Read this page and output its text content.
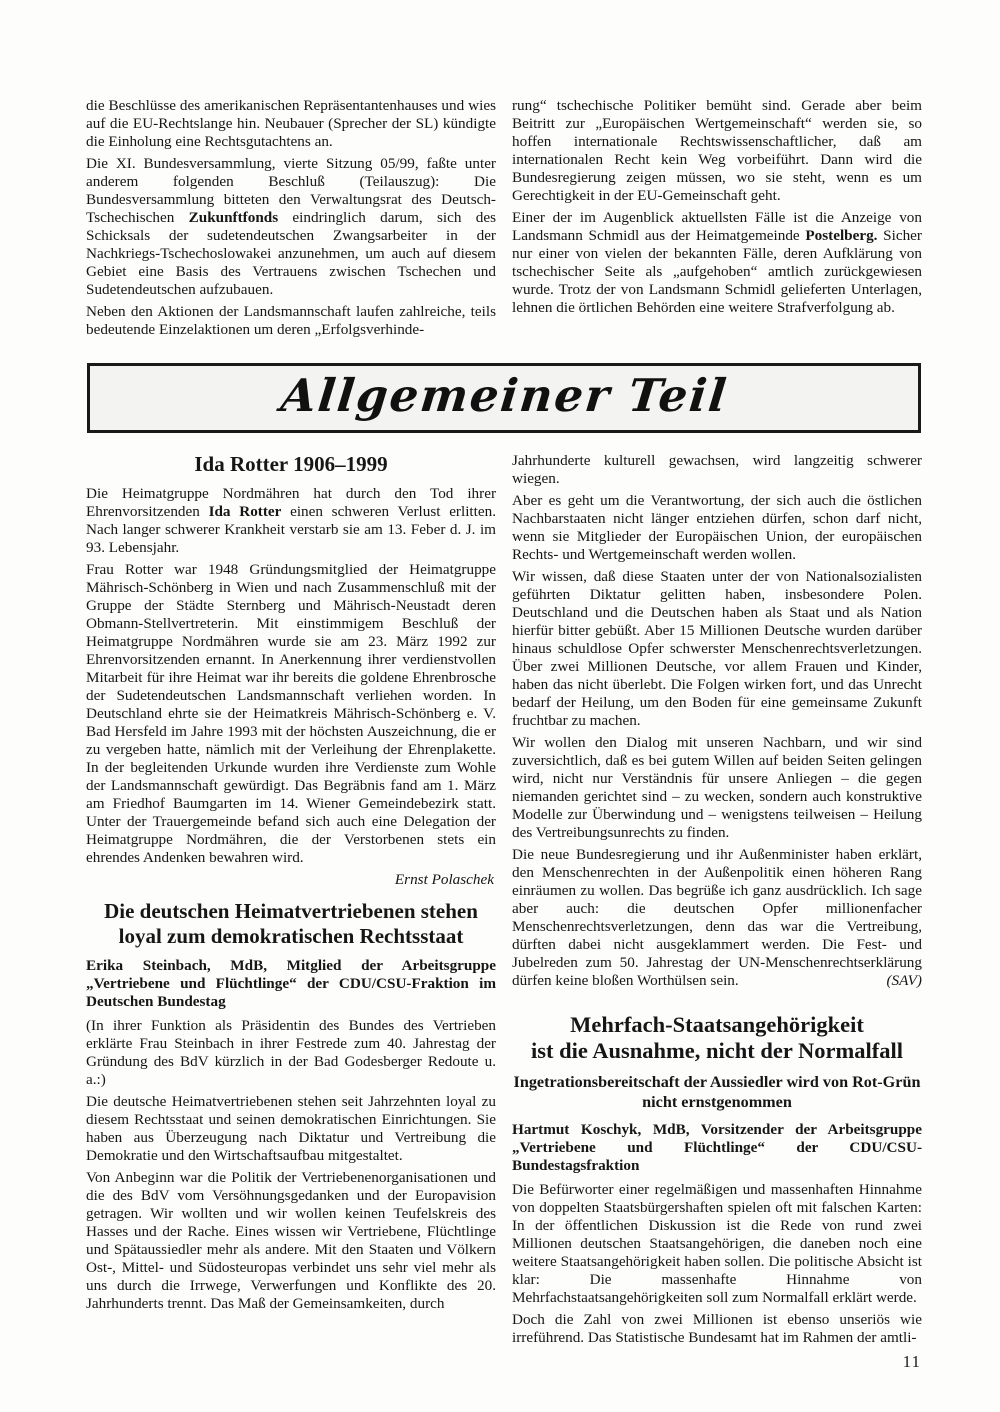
die Beschlüsse des amerikanischen Repräsentantenhauses und wies auf die EU-Rechtslange hin. Neubauer (Sprecher der SL) kündigte die Einholung eine Rechtsgutachtens an.

Die XI. Bundesversammlung, vierte Sitzung 05/99, faßte unter anderem folgenden Beschluß (Teilauszug): Die Bundesversammlung bitteten den Verwaltungsrat des Deutsch-Tschechischen Zukunftfonds eindringlich darum, sich des Schicksals der sudetendeutschen Zwangsarbeiter in der Nachkriegs-Tschechoslowakei anzunehmen, um auch auf diesem Gebiet eine Basis des Vertrauens zwischen Tschechen und Sudetendeutschen aufzubauen.

Neben den Aktionen der Landsmannschaft laufen zahlreiche, teils bedeutende Einzelaktionen um deren „Erfolgsverhinde-

rung“ tschechische Politiker bemüht sind. Gerade aber beim Beitritt zur „Europäischen Wertgemeinschaft“ werden sie, so hoffen internationale Rechtswissenschaftlicher, daß am internationalen Recht kein Weg vorbeiführt. Dann wird die Bundesregierung zeigen müssen, wo sie steht, wenn es um Gerechtigkeit in der EU-Gemeinschaft geht.

Einer der im Augenblick aktuellsten Fälle ist die Anzeige von Landsmann Schmidl aus der Heimatgemeinde Postelberg. Sicher nur einer von vielen der bekannten Fälle, deren Aufklärung von tschechischer Seite als „aufgehoben“ amtlich zurückgewiesen wurde. Trotz der von Landsmann Schmidl gelieferten Unterlagen, lehnen die örtlichen Behörden eine weitere Strafverfolgung ab.

Allgemeiner Teil
Ida Rotter 1906–1999

Die Heimatgruppe Nordmähren hat durch den Tod ihrer Ehrenvorsitzenden Ida Rotter einen schweren Verlust erlitten. Nach langer schwerer Krankheit verstarb sie am 13. Feber d. J. im 93. Lebensjahr.

Frau Rotter war 1948 Gründungsmitglied der Heimatgruppe Mährisch-Schönberg in Wien und nach Zusammenschluß mit der Gruppe der Städte Sternberg und Mährisch-Neustadt deren Obmann-Stellvertreterin. Mit einstimmigem Beschluß der Heimatgruppe Nordmähren wurde sie am 23. März 1992 zur Ehrenvorsitzenden ernannt. In Anerkennung ihrer verdienstvollen Mitarbeit für ihre Heimat war ihr bereits die goldene Ehrenbrosche der Sudetendeutschen Landsmannschaft verliehen worden. In Deutschland ehrte sie der Heimatkreis Mährisch-Schönberg e. V. Bad Hersfeld im Jahre 1993 mit der höchsten Auszeichnung, die er zu vergeben hatte, nämlich mit der Verleihung der Ehrenplakette. In der begleitenden Urkunde wurden ihre Verdienste zum Wohle der Landsmannschaft gewürdigt. Das Begräbnis fand am 1. März am Friedhof Baumgarten im 14. Wiener Gemeindebezirk statt. Unter der Trauergemeinde befand sich auch eine Delegation der Heimatgruppe Nordmähren, die der Verstorbenen stets ein ehrendes Andenken bewahren wird.

Ernst Polaschek

Die deutschen Heimatvertriebenen stehen
loyal zum demokratischen Rechtsstaat

Erika Steinbach, MdB, Mitglied der Arbeitsgruppe „Vertriebene und Flüchtlinge“ der CDU/CSU-Fraktion im Deutschen Bundestag

(In ihrer Funktion als Präsidentin des Bundes des Vertrieben erklärte Frau Steinbach in ihrer Festrede zum 40. Jahrestag der Gründung des BdV kürzlich in der Bad Godesberger Redoute u. a.:)

Die deutsche Heimatvertriebenen stehen seit Jahrzehnten loyal zu diesem Rechtsstaat und seinen demokratischen Einrichtungen. Sie haben aus Überzeugung nach Diktatur und Vertreibung die Demokratie und den Wirtschaftsaufbau mitgestaltet.

Von Anbeginn war die Politik der Vertriebenenorganisationen und die des BdV vom Versöhnungsgedanken und der Europavision getragen. Wir wollten und wir wollen keinen Teufelskreis des Hasses und der Rache. Eines wissen wir Vertriebene, Flüchtlinge und Spätaussiedler mehr als andere. Mit den Staaten und Völkern Ost-, Mittel- und Südosteuropas verbindet uns sehr viel mehr als uns durch die Irrwege, Verwerfungen und Konflikte des 20. Jahrhunderts trennt. Das Maß der Gemeinsamkeiten, durch

Jahrhunderte kulturell gewachsen, wird langzeitig schwerer wiegen.

Aber es geht um die Verantwortung, der sich auch die östlichen Nachbarstaaten nicht länger entziehen dürfen, schon darf nicht, wenn sie Mitglieder der Europäischen Union, der europäischen Rechts- und Wertgemeinschaft werden wollen.

Wir wissen, daß diese Staaten unter der von Nationalsozialisten geführten Diktatur gelitten haben, insbesondere Polen. Deutschland und die Deutschen haben als Staat und als Nation hierfür bitter gebüßt. Aber 15 Millionen Deutsche wurden darüber hinaus schuldlose Opfer schwerster Menschenrechtsverletzungen. Über zwei Millionen Deutsche, vor allem Frauen und Kinder, haben das nicht überlebt. Die Folgen wirken fort, und das Unrecht bedarf der Heilung, um den Boden für eine gemeinsame Zukunft fruchtbar zu machen.

Wir wollen den Dialog mit unseren Nachbarn, und wir sind zuversichtlich, daß es bei gutem Willen auf beiden Seiten gelingen wird, nicht nur Verständnis für unsere Anliegen – die gegen niemanden gerichtet sind – zu wecken, sondern auch konstruktive Modelle zur Überwindung und – wenigstens teilweisen – Heilung des Vertreibungsunrechts zu finden.

Die neue Bundesregierung und ihr Außenminister haben erklärt, den Menschenrechten in der Außenpolitik einen höheren Rang einräumen zu wollen. Das begrüße ich ganz ausdrücklich. Ich sage aber auch: die deutschen Opfer millionenfacher Menschenrechtsverletzungen, denn das war die Vertreibung, dürften dabei nicht ausgeklammert werden. Die Fest- und Jubelreden zum 50. Jahrestag der UN-Menschenrechtserklärung dürfen keine bloßen Worthülsen sein.	(SAV)

Mehrfach-Staatsangehörigkeit
ist die Ausnahme, nicht der Normalfall
Ingetrationsbereitschaft der Aussiedler wird von Rot-Grün
nicht ernstgenommen

Hartmut Koschyk, MdB, Vorsitzender der Arbeitsgruppe „Vertriebene und Flüchtlinge“ der CDU/CSU-Bundestagsfraktion

Die Befürworter einer regelmäßigen und massenhaften Hinnahme von doppelten Staatsbürgershaften spielen oft mit falschen Karten: In der öffentlichen Diskussion ist die Rede von rund zwei Millionen deutschen Staatsangehörigen, die daneben noch eine weitere Staatsangehörigkeit haben sollen. Die politische Absicht ist klar: Die massenhafte Hinnahme von Mehrfachstaatsangehörigkeiten soll zum Normalfall erklärt werde.

Doch die Zahl von zwei Millionen ist ebenso unseriös wie irreführend. Das Statistische Bundesamt hat im Rahmen der amtli-

11
